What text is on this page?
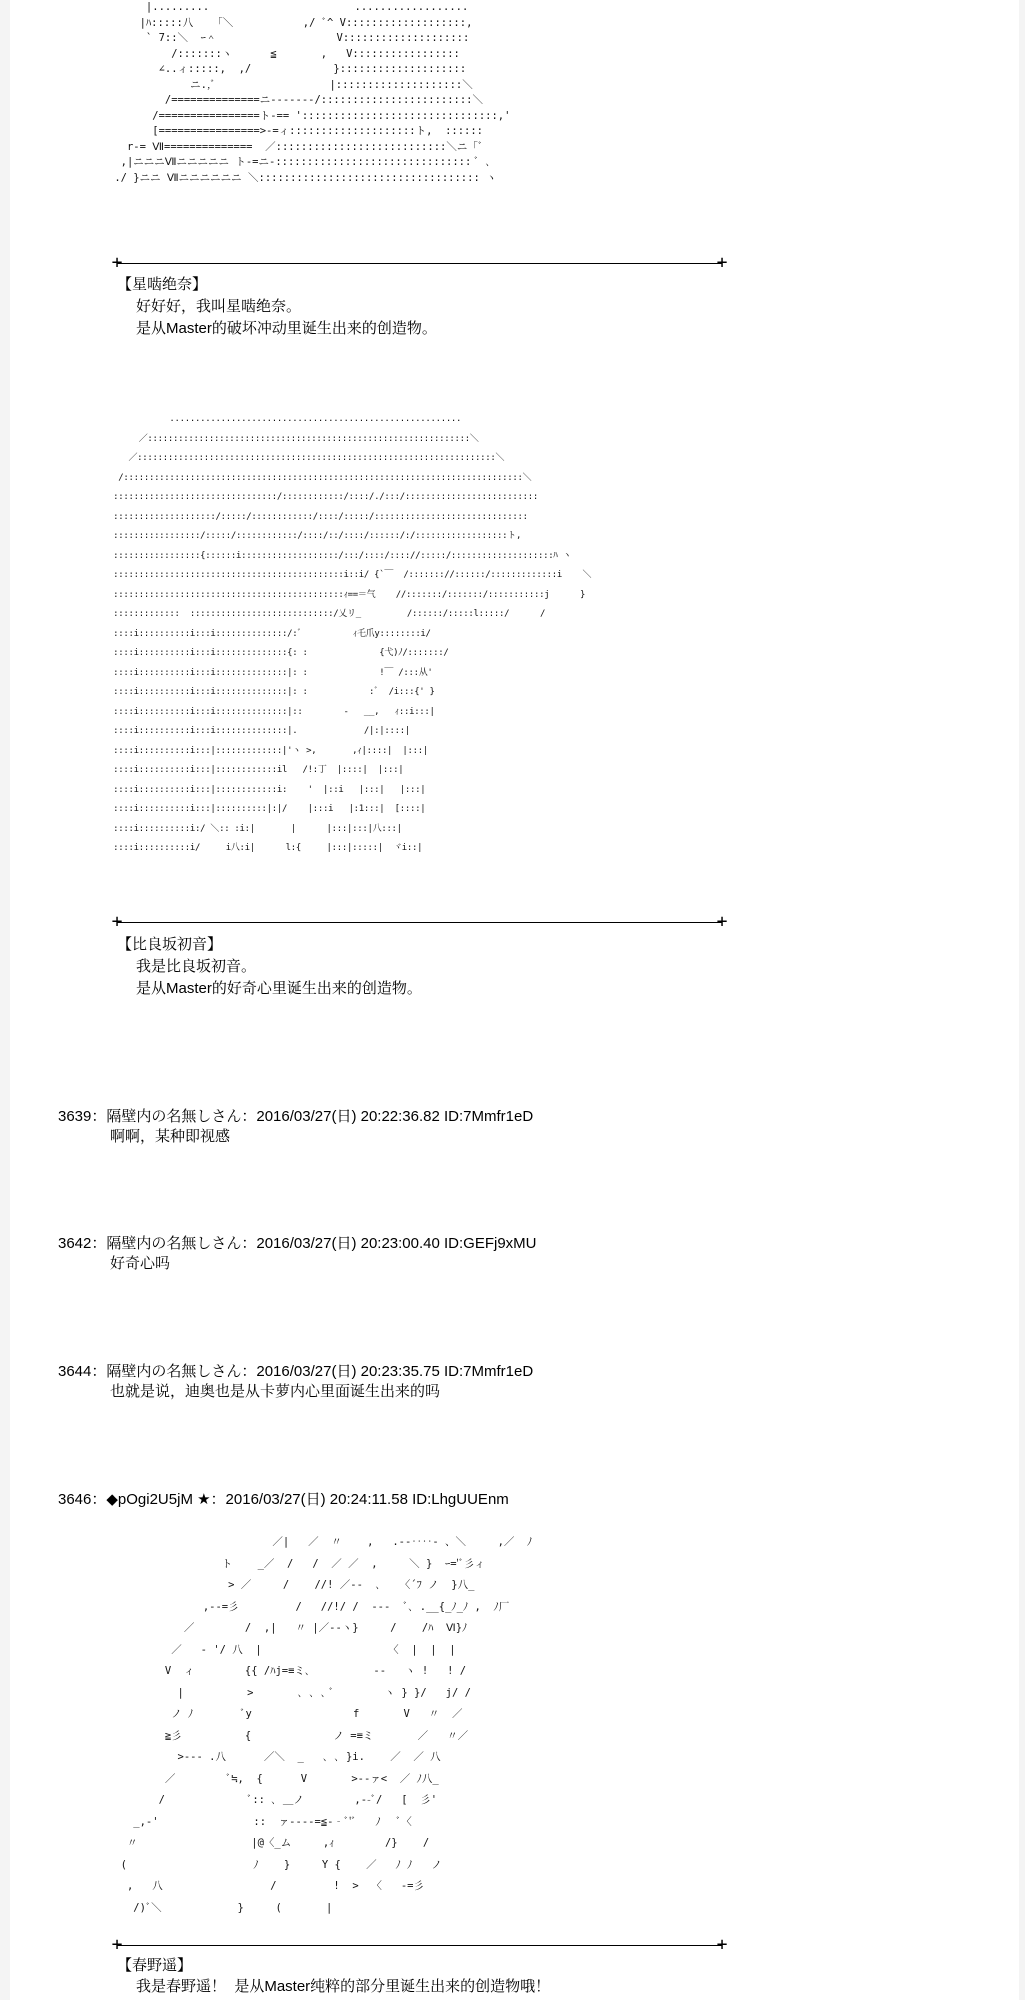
|.........                       ..................
|ﾊ:::::八   「＼           ,/ ﾞ^ V:::::::::::::::::::,
` 7::＼  ｰ＾                   V::::::::::::::::::::
/:::::::ヽ      ≦       ,   V:::::::::::::::::
∠..ィ:::::,  ,/             }::::::::::::::::::::
ニ.,ﾞ                  |::::::::::::::::::::＼
/==============ニ--‐‐---/::::::::::::::::::::::::＼
/================ト-== ':::::::::::::::::::::::::::::::,'
[================>-=ィ::::::::::::::::::::ト,  ::::::
r-= Ⅶ==============  ／:::::::::::::::::::::::::::＼ニ「ﾞ
,|ニニニⅦニニニニニ ト-=ニ-::::::::::::::::::::::::::::::: ﾞ ､
./ }ニニ Ⅶニニニニニニ ＼::::::::::::::::::::::::::::::::::: ヽ
+	+
【星啮绝奈】
好好好，我叫星啮绝奈。
是从Master的破坏冲动里诞生出来的创造物。
.........................................................
／:::::::::::::::::::::::::::::::::::::::::::::::::::::::::::::::＼
／::::::::::::::::::::::::::::::::::::::::::::::::::::::::::::::::::::::＼
/::::::::::::::::::::::::::::::::::::::::::::::::::::::::::::::::::::::::::::::＼
::::::::::::::::::::::::::::::::/::::::::::::/::::/./:::/::::::::::::::::::::::::::
::::::::::::::::::::/:::::/::::::::::::/::::/:::::/::::::::::::::::::::::::::::::
:::::::::::::::::/:::::/::::::::::::/::::/::/::::/::::::/:/::::::::::::::::::ト,
:::::::::::::::::{::::::i:::::::::::::::::::/:::/::::/:::://:::::/::::::::::::::::::::ﾊ ヽ
:::::::::::::::::::::::::::::::::::::::::::::i::i/ {`￣  /::::::://::::::/:::::::::::::i    ＼
:::::::::::::::::::::::::::::::::::::::::::::ｨ==＝气    //:::::::/:::::::/:::::::::::j      }
:::::::::::::  ::::::::::::::::::::::::::::/乂リ_         /::::::/:::::l:::::/      /
::::i::::::::::i:::i::::::::::::::/:ﾞ          ｨ乇爪y::::::::i/
::::i::::::::::i:::i::::::::::::::{: :              {弋)ﾉ/:::::::/
::::i::::::::::i:::i::::::::::::::|: :              !￣ /:::从'
::::i::::::::::i:::i::::::::::::::|: :            :ﾞ  /i:::{' }
::::i::::::::::i:::i::::::::::::::|::        -   __,   ｨ::i:::|
::::i::::::::::i:::i::::::::::::::|.             /|:|::::|
::::i::::::::::i:::|:::::::::::::|'ヽ >,       ,ｨ|::::|  |:::|
::::i::::::::::i:::|::::::::::::il   /!:丁  |::::|  |:::|
::::i::::::::::i:::|::::::::::::i:    '  |::i   |:::|   |:::|
::::i::::::::::i:::|::::::::::|:|/    |:::i   |:1:::|  [::::|
::::i::::::::::i:/ ＼:: :i:|       |      |:::|:::|八:::|
::::i::::::::::i/     i八:i|      l:{     |:::|:::::|  ヾi::|
+	+
【比良坂初音】
我是比良坂初音。
是从Master的好奇心里诞生出来的创造物。
3639：隔壁内の名無しさん：2016/03/27(日) 20:22:36.82 ID:7Mmfr1eD
啊啊，某种即视感
3642：隔壁内の名無しさん：2016/03/27(日) 20:23:00.40 ID:GEFj9xMU
好奇心吗
3644：隔壁内の名無しさん：2016/03/27(日) 20:23:35.75 ID:7Mmfr1eD
也就是说，迪奥也是从卡萝内心里面诞生出来的吗
3646：◆pOgi2U5jM ★：2016/03/27(日) 20:24:11.58 ID:LhgUUEnm
／|   ／  〃    ,   .--‥‥- 、＼     ,／  ﾉ
ト    _／  /   /  ／ ／  ,     ＼ }  ｰ='ﾞ彡ィ
> ／     /    //! ／‐‐  ､   〈´ﾌ ノ  }八_
,--=彡         /   //!/ /  ‐‐‐  ﾞ､ .__{_ﾉ_ﾉ ,  ﾉ厂
／        /  ,|   〃 |／‐‐ヽ}     /    /ﾊ  Ⅵ}ﾉ
／   ‐ '/ 八  |                    〈  |  |  |
V  ィ        {{ /ﾊj=≡ミ､          ‐-   ヽ !   ! /
|          >       ､ ､ ､ ﾞ        ヽ } }/   j/ /
ノ ﾉ        ﾞy                f       V   〃  ／
≧彡          {             ノ =≡ミ       ／   〃／
>‐‐‐ .八      ／＼  _   ､ ､ }i.    ／  ／ 八
／        ﾞ≒,  {      V       >‐‐ァ<  ／ ﾉ八_
/             ﾞ:: ､ ＿ノ        ,‐-ﾞ/   [  彡'
_,-'               ::  ァ‐‐‐‐=≦‐‐ﾞ'ﾞ   ﾉ   ﾞ〈
〃                  |@〈_ム     ,ｨ        /}    /
(                    ﾉ    }     Y {    ／   ﾉ ﾉ   ノ
,   八                 /         !  >  〈   -=彡
/)ﾞ＼            }     (       |
+	+
【春野遥】
我是春野遥！  是从Master纯粹的部分里诞生出来的创造物哦！
